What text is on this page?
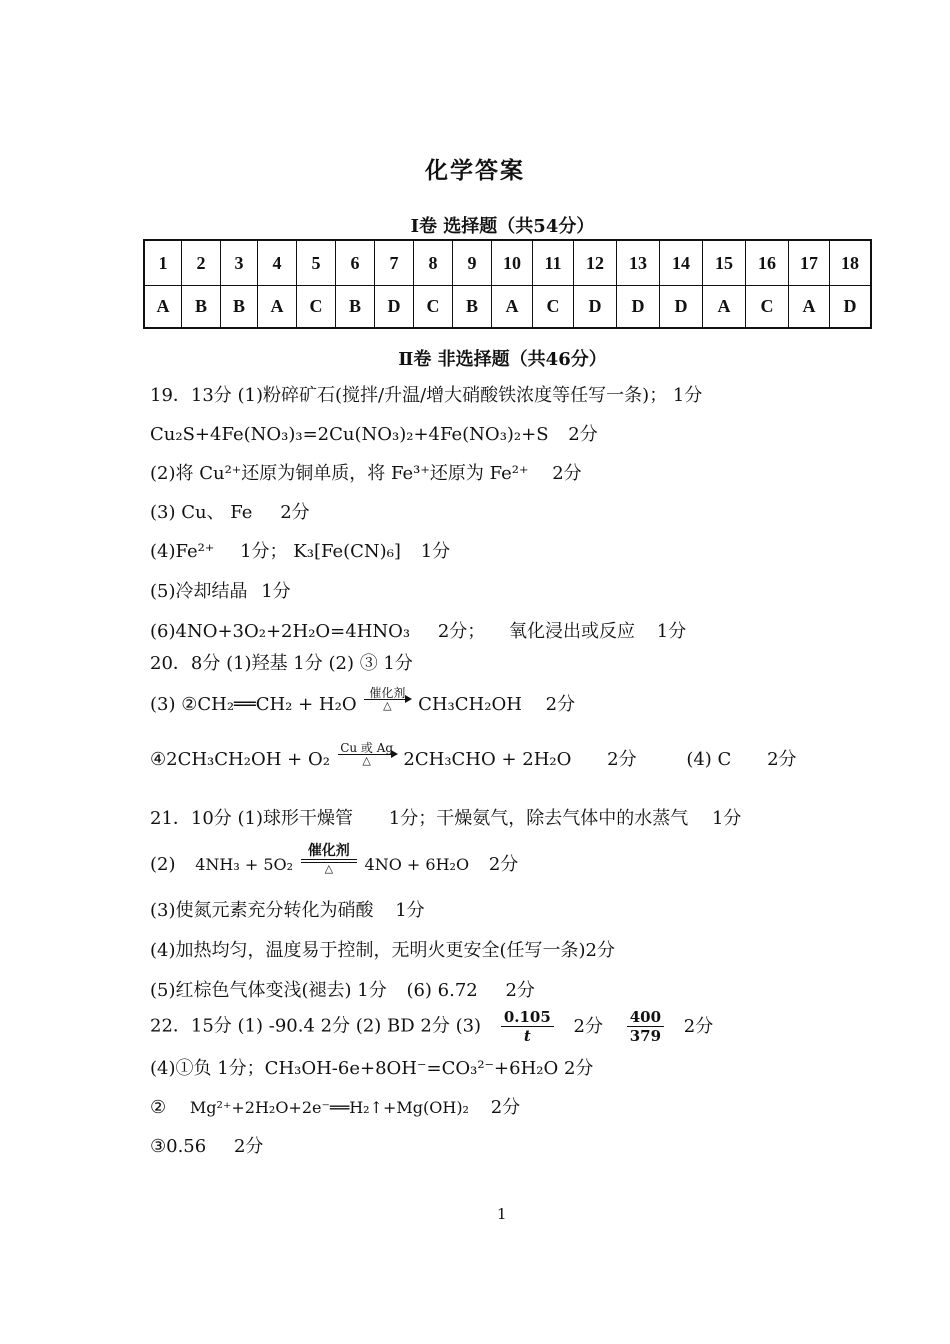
化学答案
Ⅰ卷 选择题（共54分）
1	2	3	4	5	6	7	8	9	10	11	12	13	14	15	16	17	18
A	B	B	A	C	B	D	C	B	A	C	D	D	D	A	C	A	D
Ⅱ卷 非选择题（共46分）
19．13分 (1)粉碎矿石(搅拌/升温/增大硝酸铁浓度等任写一条)； 1分
Cu₂S+4Fe(NO₃)₃=2Cu(NO₃)₂+4Fe(NO₃)₂+S 2分
(2)将 Cu²⁺还原为铜单质，将 Fe³⁺还原为 Fe²⁺ 2分
(3) Cu、 Fe 2分
(4)Fe²⁺ 1分； K₃[Fe(CN)₆] 1分
(5)冷却结晶 1分
(6)4NO+3O₂+2H₂O=4HNO₃ 2分； 氧化浸出或反应 1分
20．8分 (1)羟基 1分 (2) ③ 1分
(3) ②CH₂══CH₂ + H₂O
催化剂
△	CH₃CH₂OH 2分
④2CH₃CH₂OH + O₂
Cu 或 Ag
△	2CH₃CHO + 2H₂O 2分	(4) C 2分
21．10分 (1)球形干燥管 1分；干燥氨气，除去气体中的水蒸气 1分
(2) 4NH₃ + 5O₂
催化剂
△	4NO + 6H₂O 2分
(3)使氮元素充分转化为硝酸 1分
(4)加热均匀，温度易于控制，无明火更安全(任写一条)2分
(5)红棕色气体变浅(褪去) 1分 (6) 6.72 2分
22．15分 (1) -90.4 2分 (2) BD 2分 $(3) \frac{0.105}{t} 2$分 $\frac{400}{379} 2$分
(4)①负 1分；CH₃OH-6e+8OH⁻=CO₃²⁻+6H₂O 2分
② Mg²⁺+2H₂O+2e⁻══H₂↑+Mg(OH)₂ 2分
③0.56 2分
1
